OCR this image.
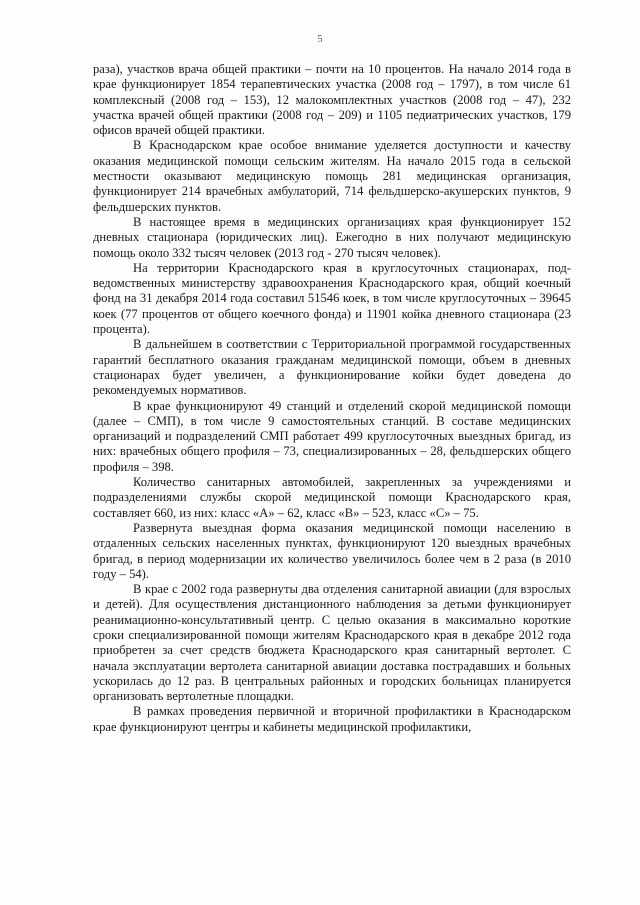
5

раза), участков врача общей практики – почти на 10 процентов. На начало 2014 года в крае функционирует 1854 терапевтических участка (2008 год – 1797), в том числе 61 комплексный (2008 год – 153), 12 малокомплектных участков (2008 год – 47), 232 участка врачей общей практики (2008 год – 209) и 1105 педиатрических участков, 179 офисов врачей общей практики.

В Краснодарском крае особое внимание уделяется доступности и качеству оказания медицинской помощи сельским жителям. На начало 2015 года в сельской местности оказывают медицинскую помощь 281 медицинская организация, функционирует 214 врачебных амбулаторий, 714 фельдшерско-акушерских пунктов, 9 фельдшерских пунктов.

В настоящее время в медицинских организациях края функционирует 152 дневных стационара (юридических лиц). Ежегодно в них получают медицинскую помощь около 332 тысяч человек (2013 год - 270 тысяч человек).

На территории Краснодарского края в круглосуточных стационарах, подведомственных министерству здравоохранения Краснодарского края, общий коечный фонд на 31 декабря 2014 года составил 51546 коек, в том числе круглосуточных – 39645 коек (77 процентов от общего коечного фонда) и 11901 койка дневного стационара (23 процента).

В дальнейшем в соответствии с Территориальной программой государственных гарантий бесплатного оказания гражданам медицинской помощи, объем в дневных стационарах будет увеличен, а функционирование койки будет доведена до рекомендуемых нормативов.

В крае функционируют 49 станций и отделений скорой медицинской помощи (далее – СМП), в том числе 9 самостоятельных станций. В составе медицинских организаций и подразделений СМП работает 499 круглосуточных выездных бригад, из них: врачебных общего профиля – 73, специализированных – 28, фельдшерских общего профиля – 398.

Количество санитарных автомобилей, закрепленных за учреждениями и подразделениями службы скорой медицинской помощи Краснодарского края, составляет 660, из них: класс «А» – 62, класс «В» – 523, класс «С» – 75.

Развернута выездная форма оказания медицинской помощи населению в отдаленных сельских населенных пунктах, функционируют 120 выездных врачебных бригад, в период модернизации их количество увеличилось более чем в 2 раза (в 2010 году – 54).

В крае с 2002 года развернуты два отделения санитарной авиации (для взрослых и детей). Для осуществления дистанционного наблюдения за детьми функционирует реанимационно-консультативный центр. С целью оказания в максимально короткие сроки специализированной помощи жителям Краснодарского края в декабре 2012 года приобретен за счет средств бюджета Краснодарского края санитарный вертолет. С начала эксплуатации вертолета санитарной авиации доставка пострадавших и больных ускорилась до 12 раз. В центральных районных и городских больницах планируется организовать вертолетные площадки.

В рамках проведения первичной и вторичной профилактики в Краснодарском крае функционируют центры и кабинеты медицинской профилактики,
